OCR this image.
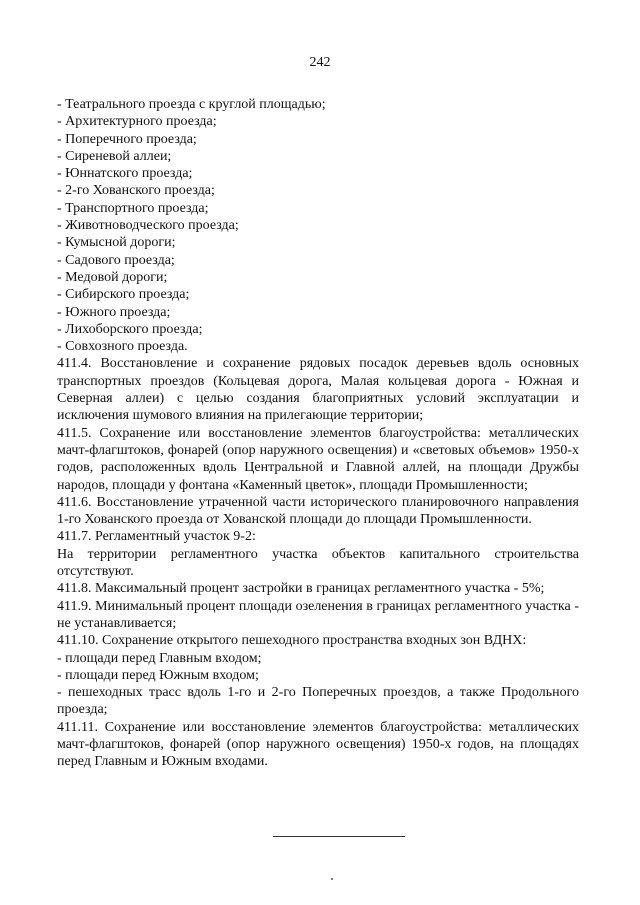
242
- Театрального проезда с круглой площадью;
- Архитектурного проезда;
- Поперечного проезда;
- Сиреневой аллеи;
- Юннатского проезда;
- 2-го Хованского проезда;
- Транспортного проезда;
- Животноводческого проезда;
- Кумысной дороги;
- Садового проезда;
- Медовой дороги;
- Сибирского проезда;
- Южного проезда;
- Лихоборского проезда;
- Совхозного проезда.
411.4. Восстановление и сохранение рядовых посадок деревьев вдоль основных транспортных проездов (Кольцевая дорога, Малая кольцевая дорога - Южная и Северная аллеи) с целью создания благоприятных условий эксплуатации и исключения шумового влияния на прилегающие территории;
411.5. Сохранение или восстановление элементов благоустройства: металлических мачт-флагштоков, фонарей (опор наружного освещения) и «световых объемов» 1950-х годов, расположенных вдоль Центральной и Главной аллей, на площади Дружбы народов, площади у фонтана «Каменный цветок», площади Промышленности;
411.6. Восстановление утраченной части исторического планировочного направления 1-го Хованского проезда от Хованской площади до площади Промышленности.
411.7. Регламентный участок 9-2:
На территории регламентного участка объектов капитального строительства отсутствуют.
411.8. Максимальный процент застройки в границах регламентного участка - 5%;
411.9. Минимальный процент площади озеленения в границах регламентного участка - не устанавливается;
411.10. Сохранение открытого пешеходного пространства входных зон ВДНХ:
- площади перед Главным входом;
- площади перед Южным входом;
- пешеходных трасс вдоль 1-го и 2-го Поперечных проездов, а также Продольного проезда;
411.11. Сохранение или восстановление элементов благоустройства: металлических мачт-флагштоков, фонарей (опор наружного освещения) 1950-х годов, на площадях перед Главным и Южным входами.
